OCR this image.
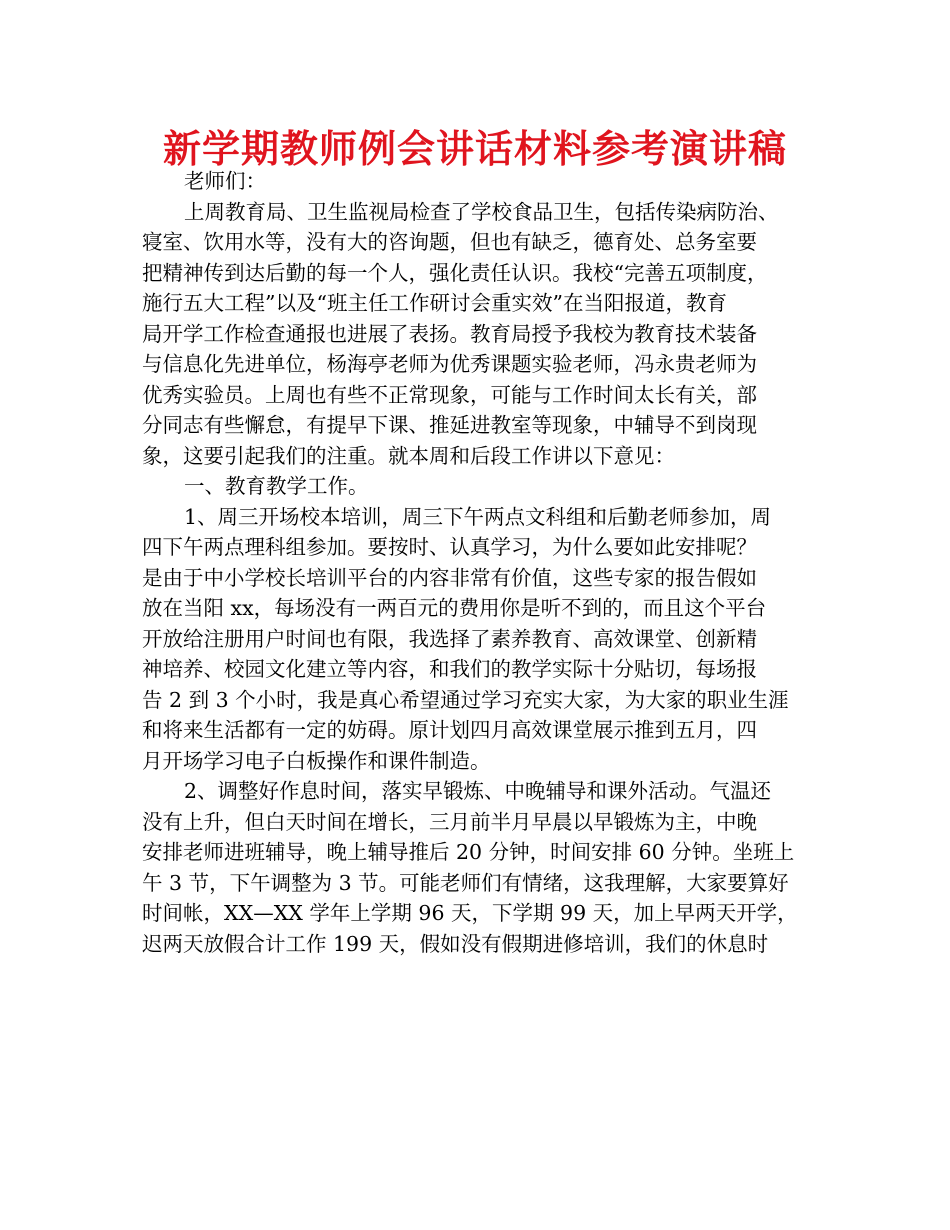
新学期教师例会讲话材料参考演讲稿
老师们：
上周教育局、卫生监视局检查了学校食品卫生，包括传染病防治、
寝室、饮用水等，没有大的咨询题，但也有缺乏，德育处、总务室要
把精神传到达后勤的每一个人，强化责任认识。我校“完善五项制度，
施行五大工程”以及“班主任工作研讨会重实效”在当阳报道，教育
局开学工作检查通报也进展了表扬。教育局授予我校为教育技术装备
与信息化先进单位，杨海亭老师为优秀课题实验老师，冯永贵老师为
优秀实验员。上周也有些不正常现象，可能与工作时间太长有关，部
分同志有些懈怠，有提早下课、推延进教室等现象，中辅导不到岗现
象，这要引起我们的注重。就本周和后段工作讲以下意见：
一、教育教学工作。
1、周三开场校本培训，周三下午两点文科组和后勤老师参加，周
四下午两点理科组参加。要按时、认真学习，为什么要如此安排呢？
是由于中小学校长培训平台的内容非常有价值，这些专家的报告假如
放在当阳 xx，每场没有一两百元的费用你是听不到的，而且这个平台
开放给注册用户时间也有限，我选择了素养教育、高效课堂、创新精
神培养、校园文化建立等内容，和我们的教学实际十分贴切，每场报
告 2 到 3 个小时，我是真心希望通过学习充实大家，为大家的职业生涯
和将来生活都有一定的妨碍。原计划四月高效课堂展示推到五月，四
月开场学习电子白板操作和课件制造。
2、调整好作息时间，落实早锻炼、中晚辅导和课外活动。气温还
没有上升，但白天时间在增长，三月前半月早晨以早锻炼为主，中晚
安排老师进班辅导，晚上辅导推后 20 分钟，时间安排 60 分钟。坐班上
午 3 节，下午调整为 3 节。可能老师们有情绪，这我理解，大家要算好
时间帐，XX—XX 学年上学期 96 天，下学期 99 天，加上早两天开学，
迟两天放假合计工作 199 天，假如没有假期进修培训，我们的休息时
